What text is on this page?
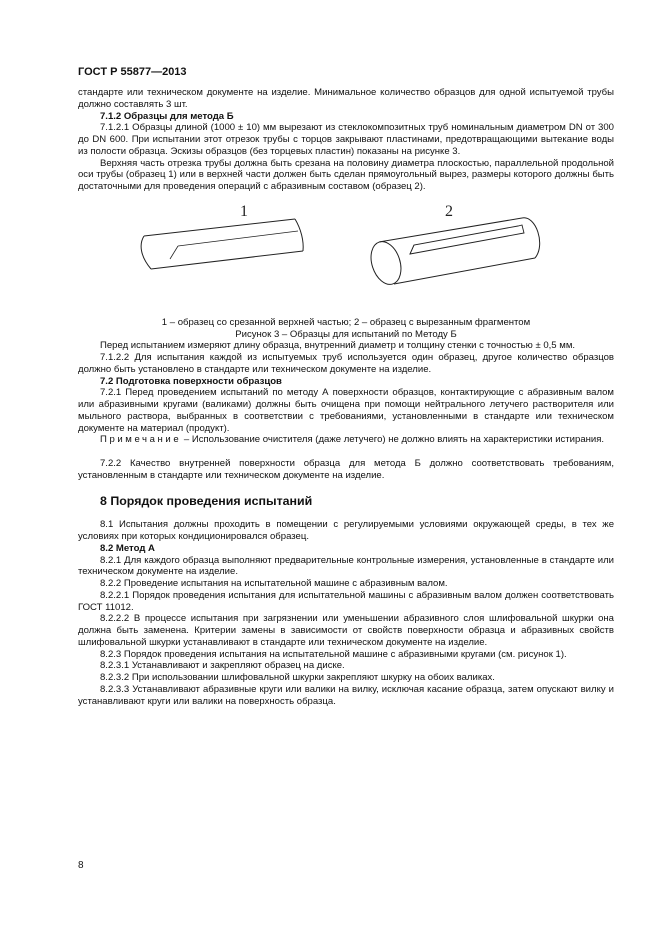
ГОСТ Р 55877—2013

стандарте или техническом документе на изделие. Минимальное количество образцов для одной испытуемой трубы должно составлять 3 шт.

7.1.2 Образцы для метода Б

7.1.2.1 Образцы длиной (1000 ± 10) мм вырезают из стеклокомпозитных труб номинальным диаметром DN от 300 до DN 600. При испытании этот отрезок трубы с торцов закрывают пластинами, предотвращающими вытекание воды из полости образца. Эскизы образцов (без торцевых пластин) показаны на рисунке 3.

Верхняя часть отрезка трубы должна быть срезана на половину диаметра плоскостью, параллельной продольной оси трубы (образец 1) или в верхней части должен быть сделан прямоугольный вырез, размеры которого должны быть достаточными для проведения операций с абразивным составом (образец 2).

1	2

1 – образец со срезанной верхней частью; 2 – образец с вырезанным фрагментом

Рисунок 3 – Образцы для испытаний по Методу Б

Перед испытанием измеряют длину образца, внутренний диаметр и толщину стенки с точностью ± 0,5 мм.

7.1.2.2 Для испытания каждой из испытуемых труб используется один образец, другое количество образцов должно быть установлено в стандарте или техническом документе на изделие.

7.2 Подготовка поверхности образцов

7.2.1 Перед проведением испытаний по методу А поверхности образцов, контактирующие с абразивным валом или абразивными кругами (валиками) должны быть очищена при помощи нейтрального летучего растворителя или мыльного раствора, выбранных в соответствии с требованиями, установленными в стандарте или техническом документе на материал (продукт).

Примечание – Использование очистителя (даже летучего) не должно влиять на характеристики истирания.

7.2.2 Качество внутренней поверхности образца для метода Б должно соответствовать требованиям, установленным в стандарте или техническом документе на изделие.

8 Порядок проведения испытаний

8.1 Испытания должны проходить в помещении с регулируемыми условиями окружающей среды, в тех же условиях при которых кондиционировался образец.

8.2 Метод А

8.2.1 Для каждого образца выполняют предварительные контрольные измерения, установленные в стандарте или техническом документе на изделие.

8.2.2 Проведение испытания на испытательной машине с абразивным валом.

8.2.2.1 Порядок проведения испытания для испытательной машины с абразивным валом должен соответствовать ГОСТ 11012.

8.2.2.2 В процессе испытания при загрязнении или уменьшении абразивного слоя шлифовальной шкурки она должна быть заменена. Критерии замены в зависимости от свойств поверхности образца и абразивных свойств шлифовальной шкурки устанавливают в стандарте или техническом документе на изделие.

8.2.3 Порядок проведения испытания на испытательной машине с абразивными кругами (см. рисунок 1).

8.2.3.1 Устанавливают и закрепляют образец на диске.

8.2.3.2 При использовании шлифовальной шкурки закрепляют шкурку на обоих валиках.

8.2.3.3 Устанавливают абразивные круги или валики на вилку, исключая касание образца, затем опускают вилку и устанавливают круги или валики на поверхность образца.

8
